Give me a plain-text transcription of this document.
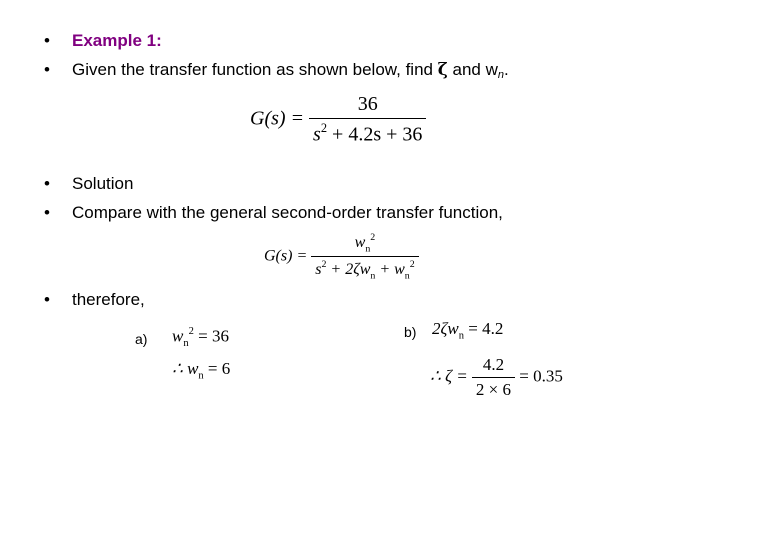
•	Example 1:
•	Given the transfer function as shown below, find ζ and $w_n$.
$G(s) = \frac{36}{s^2 + 4.2s + 36}$
•	Solution
•	Compare with the general second-order transfer function,
$G(s) = \frac{w_n^2}{s^2 + 2\zeta w_n + w_n^2}$
•	therefore,
a) $w_n^2 = 36$
∴ $w_n = 6$
b) $2\zeta w_n = 4.2$
∴ $\zeta = \frac{4.2}{2 \times 6} = 0.35$
